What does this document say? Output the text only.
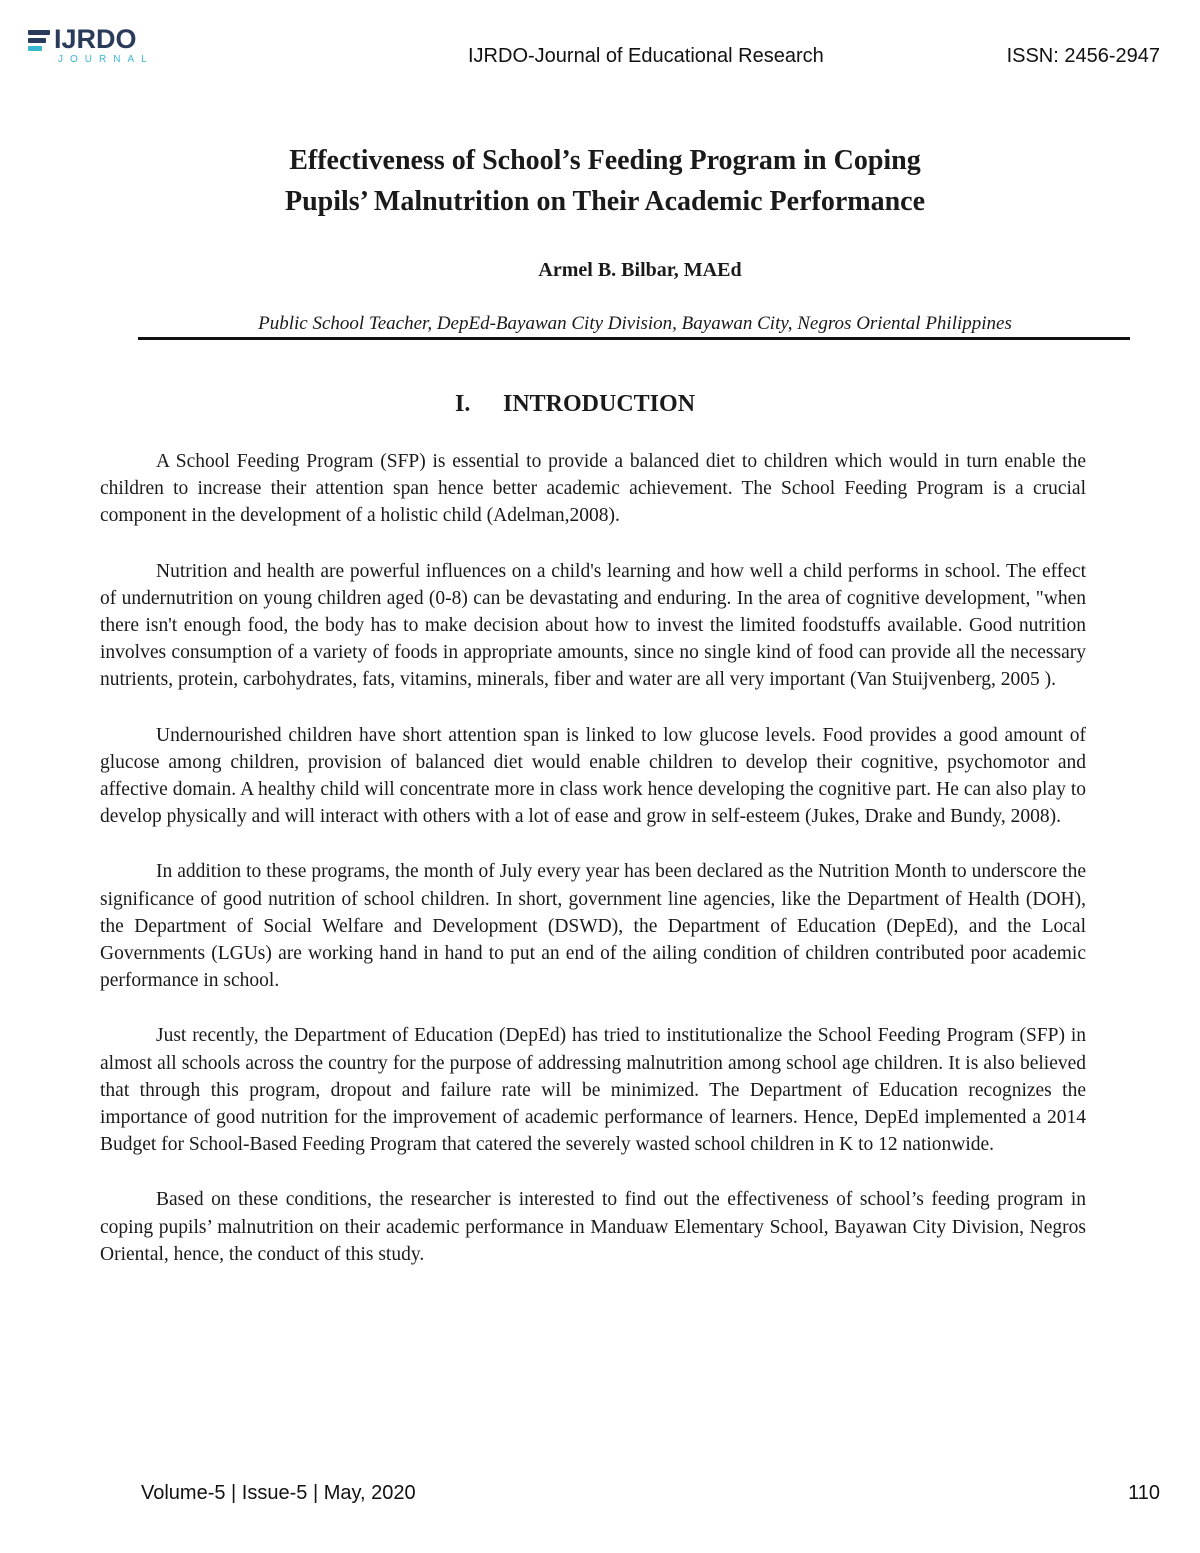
IJRDO
JOURNAL	IJRDO-Journal of Educational Research	ISSN: 2456-2947
Effectiveness of School’s Feeding Program in Coping
Pupils’ Malnutrition on Their Academic Performance
Armel B. Bilbar, MAEd
Public School Teacher, DepEd-Bayawan City Division, Bayawan City, Negros Oriental Philippines
I. INTRODUCTION

A School Feeding Program (SFP) is essential to provide a balanced diet to children which would in turn enable the children to increase their attention span hence better academic achievement. The School Feeding Program is a crucial component in the development of a holistic child (Adelman,2008).

Nutrition and health are powerful influences on a child's learning and how well a child performs in school. The effect of undernutrition on young children aged (0-8) can be devastating and enduring. In the area of cognitive development, "when there isn't enough food, the body has to make decision about how to invest the limited foodstuffs available. Good nutrition involves consumption of a variety of foods in appropriate amounts, since no single kind of food can provide all the necessary nutrients, protein, carbohydrates, fats, vitamins, minerals, fiber and water are all very important (Van Stuijvenberg, 2005 ).

Undernourished children have short attention span is linked to low glucose levels. Food provides a good amount of glucose among children, provision of balanced diet would enable children to develop their cognitive, psychomotor and affective domain. A healthy child will concentrate more in class work hence developing the cognitive part. He can also play to develop physically and will interact with others with a lot of ease and grow in self-esteem (Jukes, Drake and Bundy, 2008).

In addition to these programs, the month of July every year has been declared as the Nutrition Month to underscore the significance of good nutrition of school children. In short, government line agencies, like the Department of Health (DOH), the Department of Social Welfare and Development (DSWD), the Department of Education (DepEd), and the Local Governments (LGUs) are working hand in hand to put an end of the ailing condition of children contributed poor academic performance in school.

Just recently, the Department of Education (DepEd) has tried to institutionalize the School Feeding Program (SFP) in almost all schools across the country for the purpose of addressing malnutrition among school age children. It is also believed that through this program, dropout and failure rate will be minimized. The Department of Education recognizes the importance of good nutrition for the improvement of academic performance of learners. Hence, DepEd implemented a 2014 Budget for School-Based Feeding Program that catered the severely wasted school children in K to 12 nationwide.

Based on these conditions, the researcher is interested to find out the effectiveness of school’s feeding program in coping pupils’ malnutrition on their academic performance in Manduaw Elementary School, Bayawan City Division, Negros Oriental, hence, the conduct of this study.

Volume-5 | Issue-5 | May, 2020	110
